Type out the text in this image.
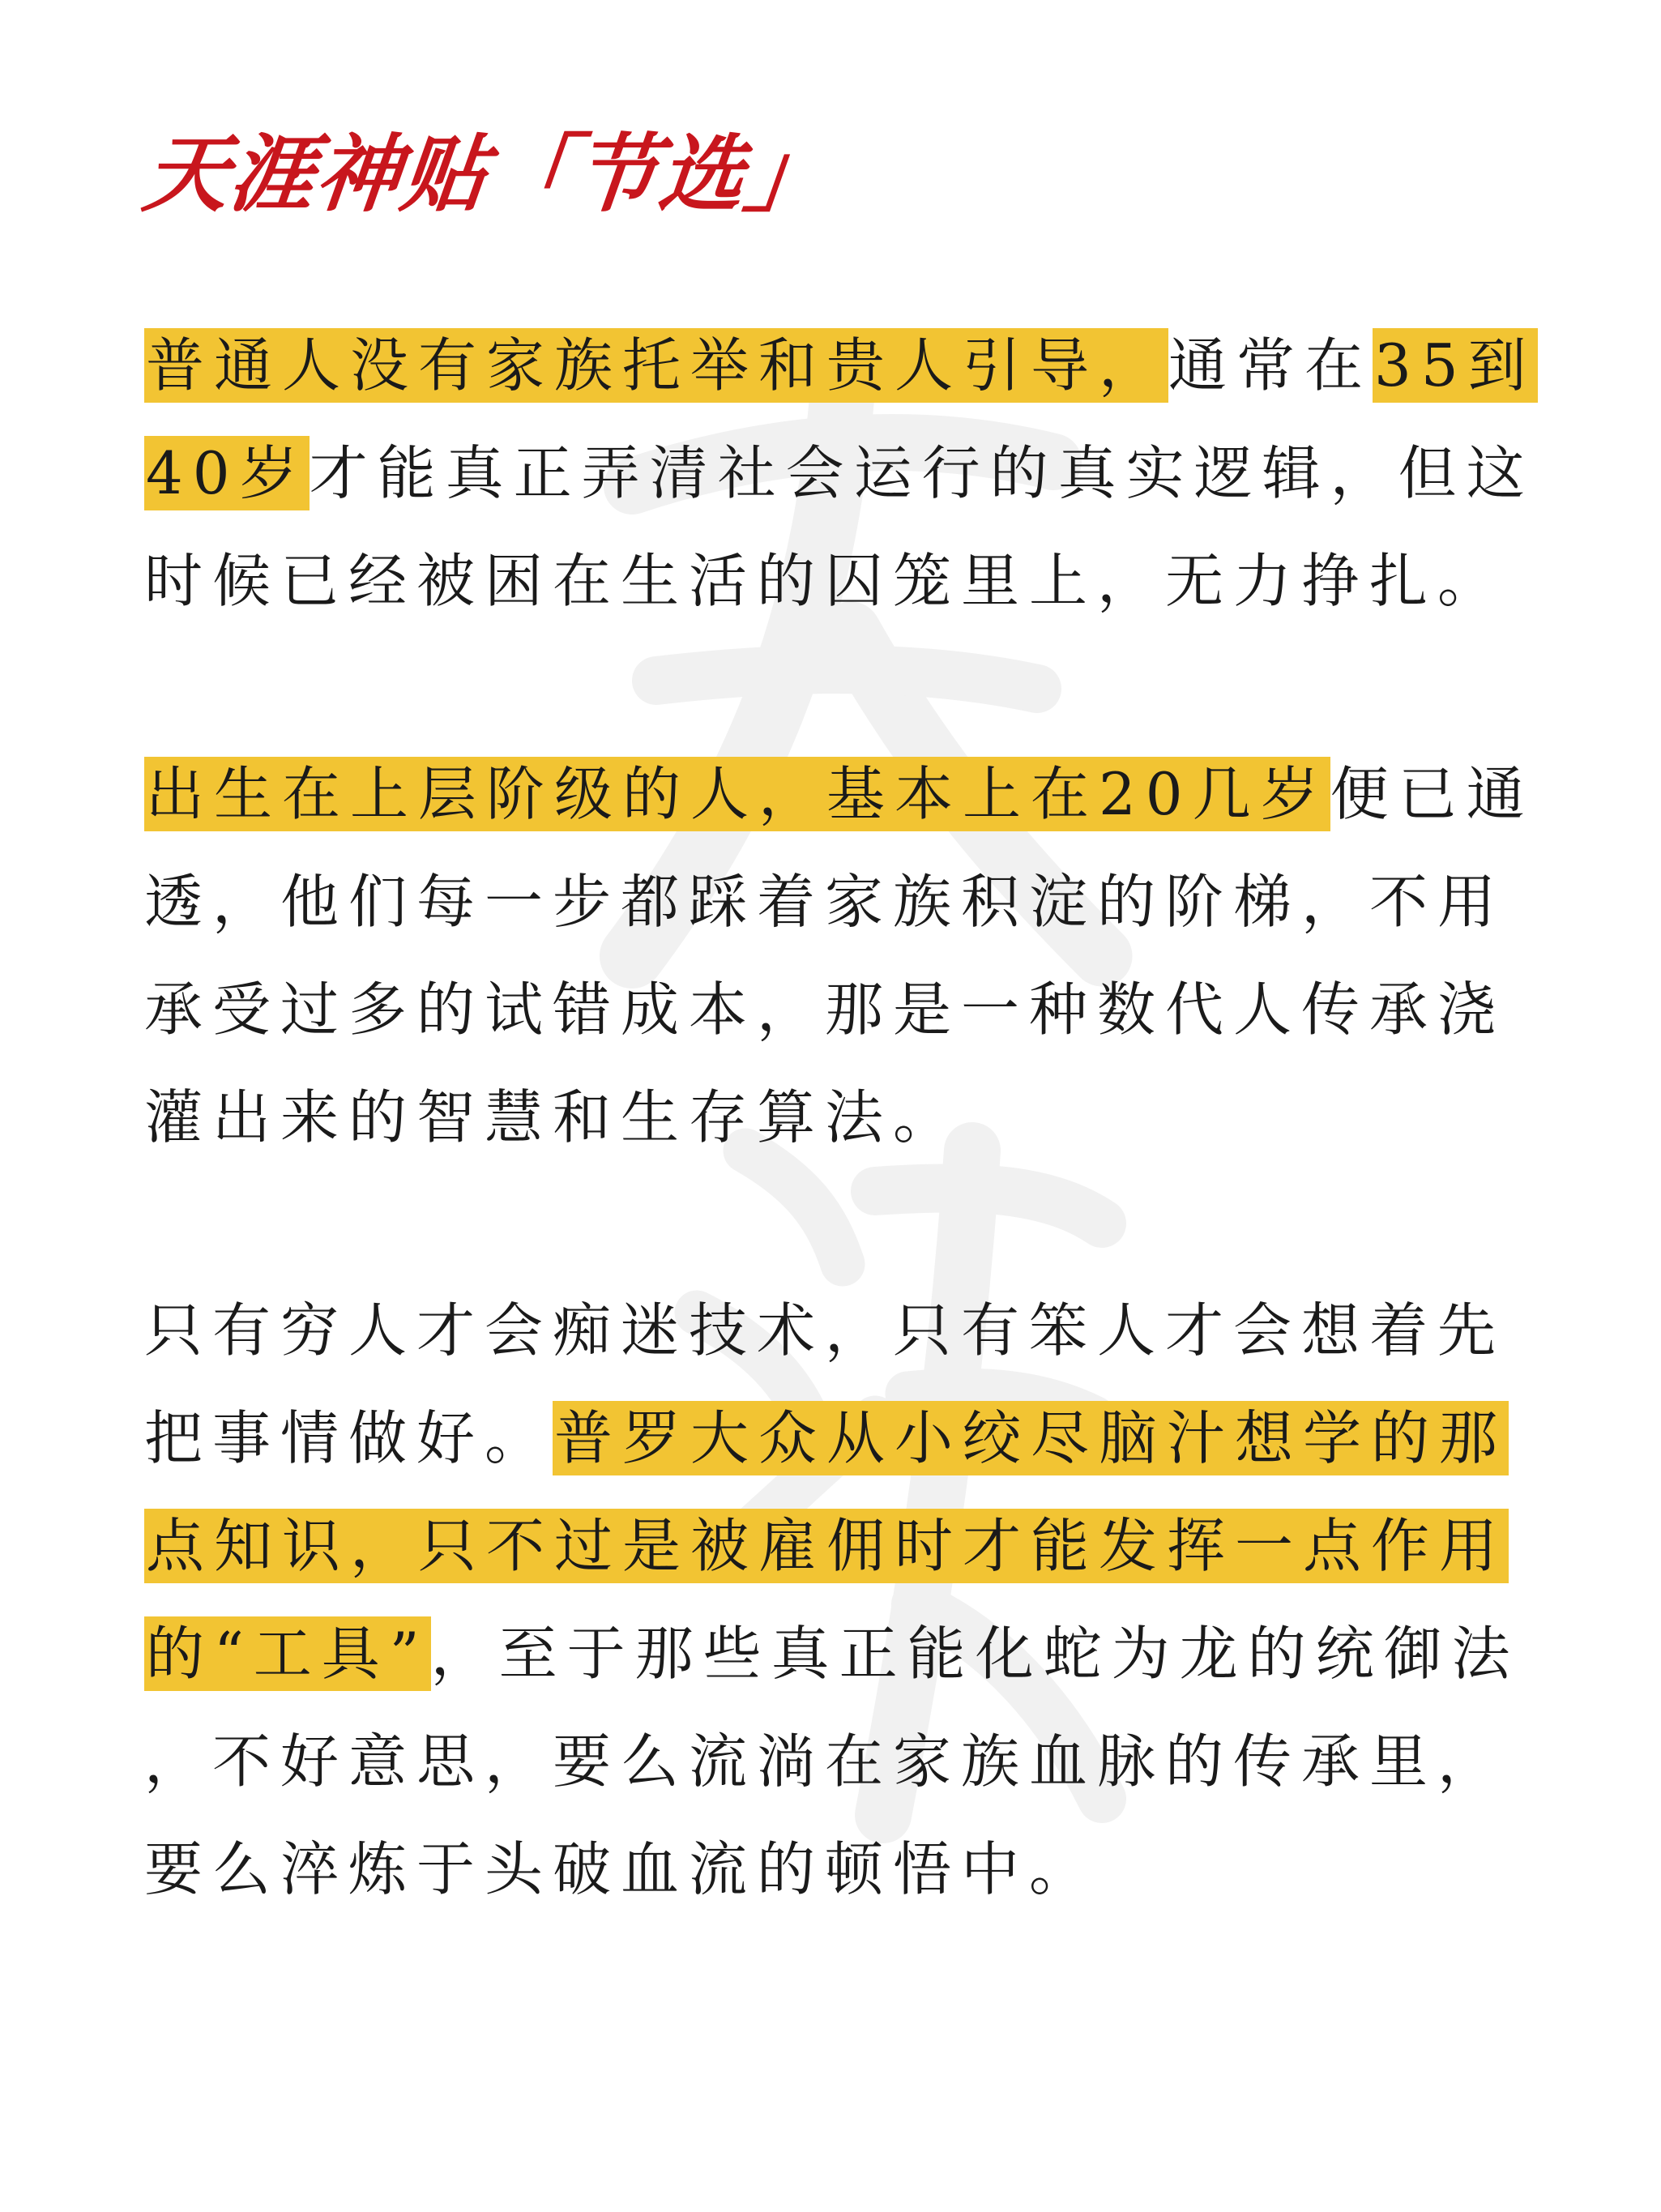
天涯神贴「节选」

普通人没有家族托举和贵人引导，通常在35到40岁才能真正弄清社会运行的真实逻辑，但这时候已经被困在生活的囚笼里上，无力挣扎。

出生在上层阶级的人，基本上在20几岁便已通透，他们每一步都踩着家族积淀的阶梯，不用承受过多的试错成本，那是一种数代人传承浇灌出来的智慧和生存算法。

只有穷人才会痴迷技术，只有笨人才会想着先把事情做好。普罗大众从小绞尽脑汁想学的那点知识，只不过是被雇佣时才能发挥一点作用的“工具”，至于那些真正能化蛇为龙的统御法，不好意思，要么流淌在家族血脉的传承里，要么淬炼于头破血流的顿悟中。
